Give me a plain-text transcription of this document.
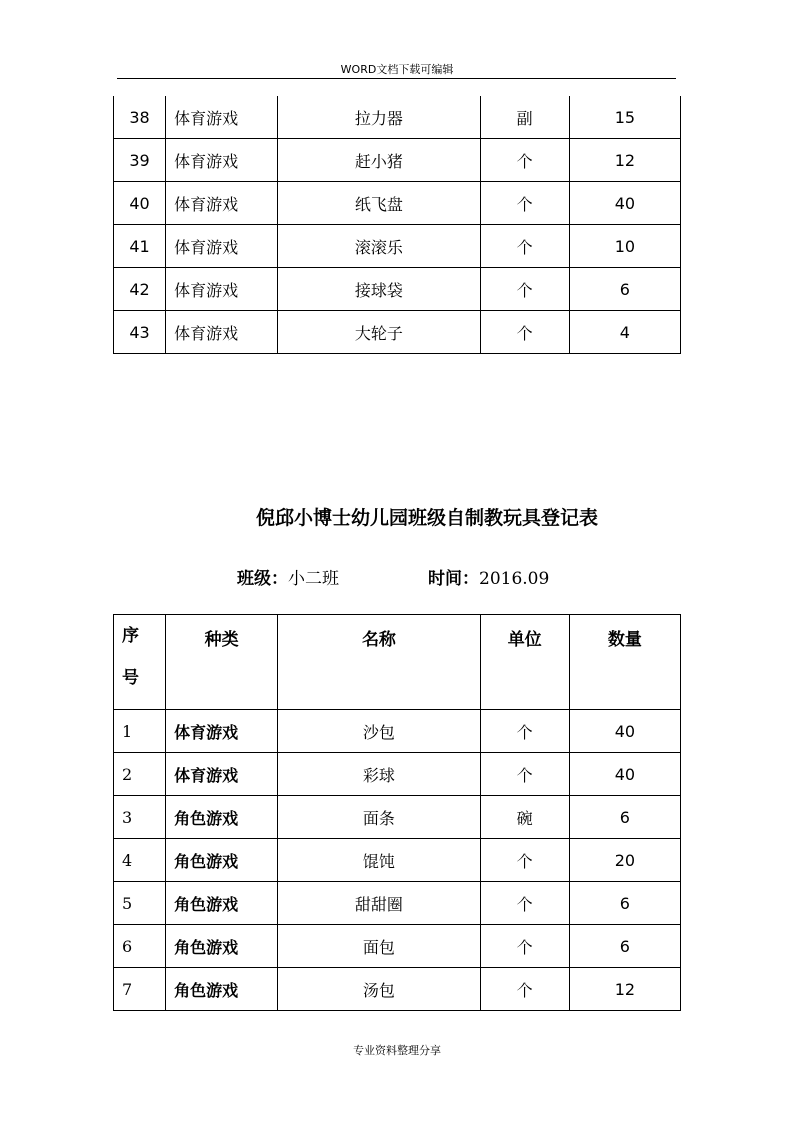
WORD文档下载可编辑
38	体育游戏	拉力器	副	15
39	体育游戏	赶小猪	个	12
40	体育游戏	纸飞盘	个	40
41	体育游戏	滚滚乐	个	10
42	体育游戏	接球袋	个	6
43	体育游戏	大轮子	个	4
倪邱小博士幼儿园班级自制教玩具登记表
班级：小二班	时间：2016.09
序号	种类	名称	单位	数量
1	体育游戏	沙包	个	40
2	体育游戏	彩球	个	40
3	角色游戏	面条	碗	6
4	角色游戏	馄饨	个	20
5	角色游戏	甜甜圈	个	6
6	角色游戏	面包	个	6
7	角色游戏	汤包	个	12
专业资料整理分享
